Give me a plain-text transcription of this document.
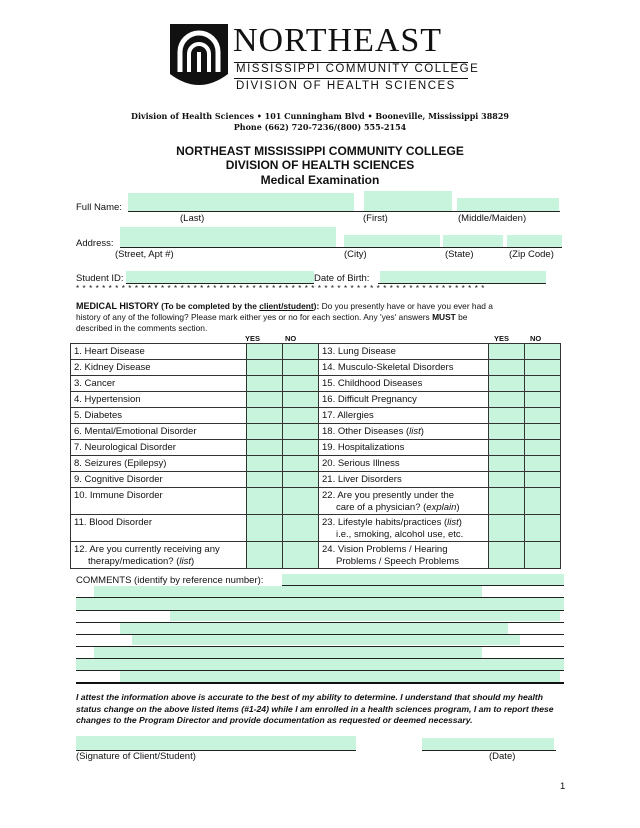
NORTHEAST
MISSISSIPPI COMMUNITY COLLEGE
DIVISION OF HEALTH SCIENCES
Division of Health Sciences • 101 Cunningham Blvd • Booneville, Mississippi 38829
Phone (662) 720-7236/(800) 555-2154
NORTHEAST MISSISSIPPI COMMUNITY COLLEGE
DIVISION OF HEALTH SCIENCES
Medical Examination
Full Name:
(Last)	(First)	(Middle/Maiden)
Address:
(Street, Apt #)	(City)	(State)	(Zip Code)
Student ID:	Date of Birth:
* * * * * * * * * * * * * * * * * * * * * * * * * * * * * * * * * * * * * * * * * * * * * * * * * * * * * * * * * * * * * * *
MEDICAL HISTORY (To be completed by the client/student): Do you presently have or have you ever had a
history of any of the following? Please mark either yes or no for each section. Any 'yes' answers MUST be
described in the comments section.
YES	NO	YES	NO
1. Heart Disease			13. Lung Disease		

2. Kidney Disease			14. Musculo-Skeletal Disorders		

3. Cancer			15. Childhood Diseases		

4. Hypertension			16. Difficult Pregnancy		

5. Diabetes			17. Allergies		

6. Mental/Emotional Disorder			18. Other Diseases (list)		

7. Neurological Disorder			19. Hospitalizations		

8. Seizures (Epilepsy)			20. Serious Illness		

9. Cognitive Disorder			21. Liver Disorders		

10. Immune Disorder			22. Are you presently under the
care of a physician? (explain)		

11. Blood Disorder			23. Lifestyle habits/practices (list)
i.e., smoking, alcohol use, etc.		

12. Are you currently receiving any
therapy/medication? (list)			24. Vision Problems / Hearing
Problems / Speech Problems		

COMMENTS (identify by reference number):
I attest the information above is accurate to the best of my ability to determine. I understand that should my health status change on the above listed items (#1-24) while I am enrolled in a health sciences program, I am to report these changes to the Program Director and provide documentation as requested or deemed necessary.
(Signature of Client/Student)	(Date)
1
